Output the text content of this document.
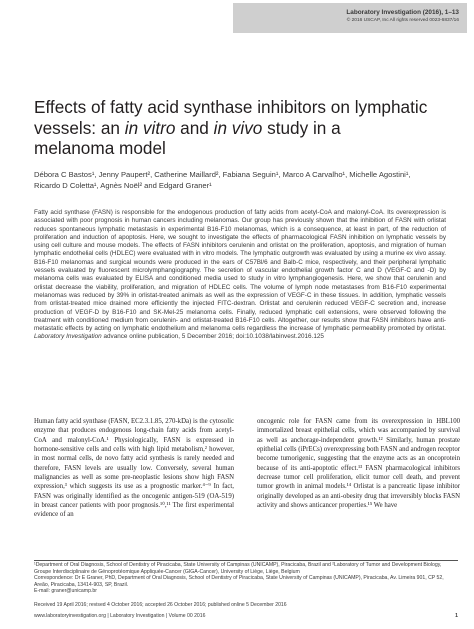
Laboratory Investigation (2016), 1–13
© 2016 USCAP, Inc All rights reserved 0023-6837/16
Effects of fatty acid synthase inhibitors on lymphatic
vessels: an in vitro and in vivo study in a
melanoma model
Débora C Bastos¹, Jenny Paupert², Catherine Maillard², Fabiana Seguin¹, Marco A Carvalho¹, Michelle Agostini¹,
Ricardo D Coletta¹, Agnès Noël² and Edgard Graner¹
Fatty acid synthase (FASN) is responsible for the endogenous production of fatty acids from acetyl-CoA and malonyl-CoA. Its overexpression is associated with poor prognosis in human cancers including melanomas. Our group has previously shown that the inhibition of FASN with orlistat reduces spontaneous lymphatic metastasis in experimental B16-F10 melanomas, which is a consequence, at least in part, of the reduction of proliferation and induction of apoptosis. Here, we sought to investigate the effects of pharmacological FASN inhibition on lymphatic vessels by using cell culture and mouse models. The effects of FASN inhibitors cerulenin and orlistat on the proliferation, apoptosis, and migration of human lymphatic endothelial cells (HDLEC) were evaluated with in vitro models. The lymphatic outgrowth was evaluated by using a murine ex vivo assay. B16-F10 melanomas and surgical wounds were produced in the ears of C57Bl/6 and Balb-C mice, respectively, and their peripheral lymphatic vessels evaluated by fluorescent microlymphangiography. The secretion of vascular endothelial growth factor C and D (VEGF-C and -D) by melanoma cells was evaluated by ELISA and conditioned media used to study in vitro lymphangiogenesis. Here, we show that cerulenin and orlistat decrease the viability, proliferation, and migration of HDLEC cells. The volume of lymph node metastases from B16-F10 experimental melanomas was reduced by 39% in orlistat-treated animals as well as the expression of VEGF-C in these tissues. In addition, lymphatic vessels from orlistat-treated mice drained more efficiently the injected FITC-dextran. Orlistat and cerulenin reduced VEGF-C secretion and, increase production of VEGF-D by B16-F10 and SK-Mel-25 melanoma cells. Finally, reduced lymphatic cell extensions, were observed following the treatment with conditioned medium from cerulenin- and orlistat-treated B16-F10 cells. Altogether, our results show that FASN inhibitors have anti-metastatic effects by acting on lymphatic endothelium and melanoma cells regardless the increase of lymphatic permeability promoted by orlistat. Laboratory Investigation advance online publication, 5 December 2016; doi:10.1038/labinvest.2016.125
Human fatty acid synthase (FASN, EC2.3.1.85, 270-kDa) is the cytosolic enzyme that produces endogenous long-chain fatty acids from acetyl-CoA and malonyl-CoA.¹ Physiologically, FASN is expressed in hormone-sensitive cells and cells with high lipid metabolism,² however, in most normal cells, de novo fatty acid synthesis is rarely needed and therefore, FASN levels are usually low. Conversely, several human malignancies as well as some pre-neoplastic lesions show high FASN expression,³ which suggests its use as a prognostic marker.⁴⁻⁹ In fact, FASN was originally identified as the oncogenic antigen-519 (OA-519) in breast cancer patients with poor prognosis.¹⁰,¹¹ The first experimental evidence of an
oncogenic role for FASN came from its overexpression in HBL100 immortalized breast epithelial cells, which was accompanied by survival as well as anchorage-independent growth.¹² Similarly, human prostate epithelial cells (iPrECs) overexpressing both FASN and androgen receptor become tumorigenic, suggesting that the enzyme acts as an oncoprotein because of its anti-apoptotic effect.¹³ FASN pharmacological inhibitors decrease tumor cell proliferation, elicit tumor cell death, and prevent tumor growth in animal models.¹⁴ Orlistat is a pancreatic lipase inhibitor originally developed as an anti-obesity drug that irreversibly blocks FASN activity and shows anticancer properties.¹⁵ We have
¹Department of Oral Diagnosis, School of Dentistry of Piracicaba, State University of Campinas (UNICAMP), Piracicaba, Brazil and ²Laboratory of Tumor and Development Biology, Groupe Interdisciplinaire de Génoprotéomique Appliquée-Cancer (GIGA-Cancer), University of Liège, Liège, Belgium
Correspondence: Dr E Graner, PhD, Department of Oral Diagnosis, School of Dentistry of Piracicaba, State University of Campinas (UNICAMP), Piracicaba, Av. Limeira 901, CP 52, Areão, Piracicaba, 13414-903, SP, Brazil.
E-mail: graner@unicamp.br
Received 19 April 2016; revised 4 October 2016; accepted 26 October 2016; published online 5 December 2016
www.laboratoryinvestigation.org | Laboratory Investigation | Volume 00 2016	1
